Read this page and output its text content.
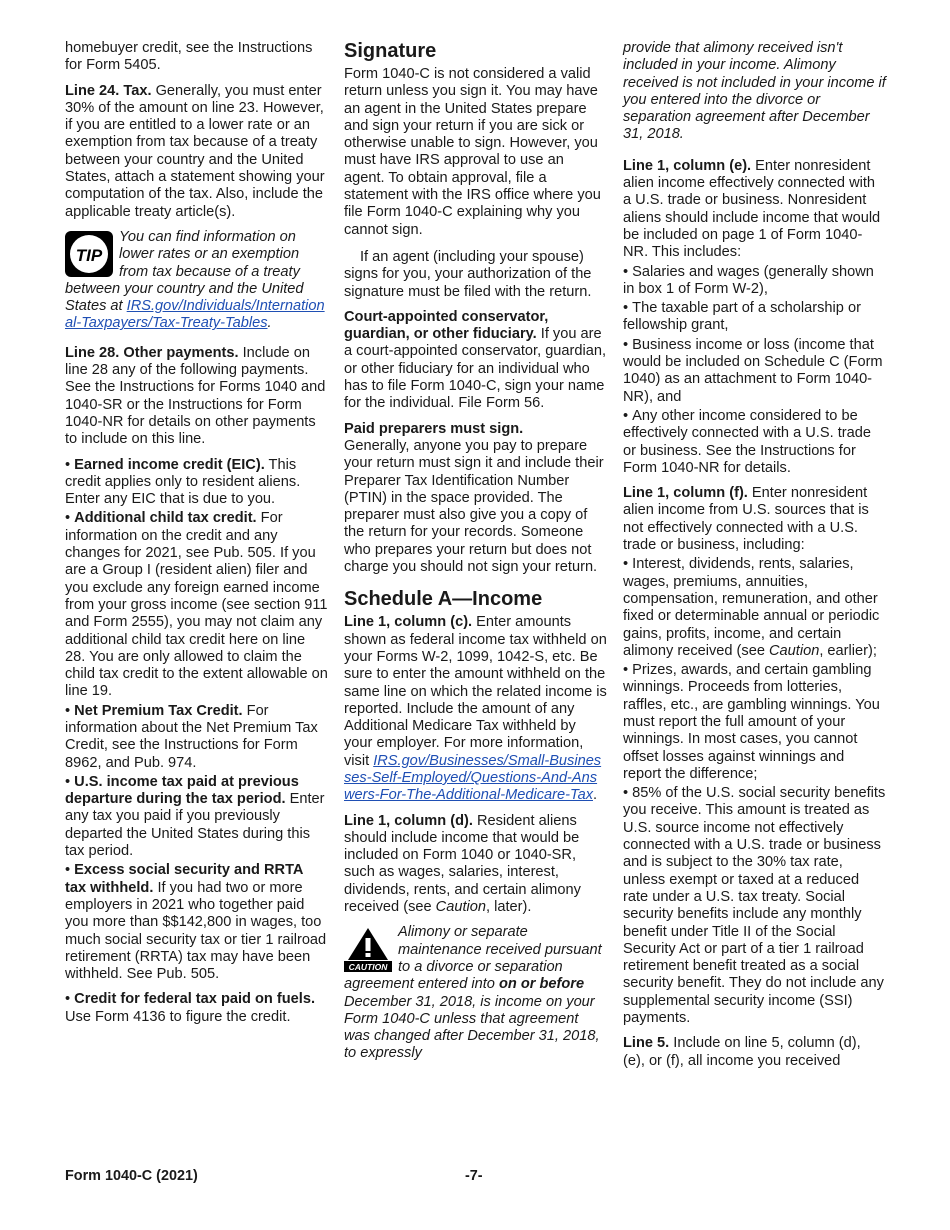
homebuyer credit, see the Instructions for Form 5405.

Line 24. Tax. Generally, you must enter 30% of the amount on line 23. However, if you are entitled to a lower rate or an exemption from tax because of a treaty between your country and the United States, attach a statement showing your computation of the tax. Also, include the applicable treaty article(s).

TIP
You can find information on lower rates or an exemption from tax because of a treaty between your country and the United States at IRS.gov/Individuals/International-Taxpayers/Tax-Treaty-Tables.

Line 28. Other payments. Include on line 28 any of the following payments. See the Instructions for Forms 1040 and 1040-SR or the Instructions for Form 1040-NR for details on other payments to include on this line.

• Earned income credit (EIC). This credit applies only to resident aliens. Enter any EIC that is due to you.

• Additional child tax credit. For information on the credit and any changes for 2021, see Pub. 505. If you are a Group I (resident alien) filer and you exclude any foreign earned income from your gross income (see section 911 and Form 2555), you may not claim any additional child tax credit here on line 28. You are only allowed to claim the child tax credit to the extent allowable on line 19.

• Net Premium Tax Credit. For information about the Net Premium Tax Credit, see the Instructions for Form 8962, and Pub. 974.

• U.S. income tax paid at previous departure during the tax period. Enter any tax you paid if you previously departed the United States during this tax period.

• Excess social security and RRTA tax withheld. If you had two or more employers in 2021 who together paid you more than $$142,800 in wages, too much social security tax or tier 1 railroad retirement (RRTA) tax may have been withheld. See Pub. 505.

• Credit for federal tax paid on fuels. Use Form 4136 to figure the credit.

Signature

Form 1040-C is not considered a valid return unless you sign it. You may have an agent in the United States prepare and sign your return if you are sick or otherwise unable to sign. However, you must have IRS approval to use an agent. To obtain approval, file a statement with the IRS office where you file Form 1040-C explaining why you cannot sign.

If an agent (including your spouse) signs for you, your authorization of the signature must be filed with the return.

Court-appointed conservator, guardian, or other fiduciary. If you are a court-appointed conservator, guardian, or other fiduciary for an individual who has to file Form 1040-C, sign your name for the individual. File Form 56.

Paid preparers must sign.

Generally, anyone you pay to prepare your return must sign it and include their Preparer Tax Identification Number (PTIN) in the space provided. The preparer must also give you a copy of the return for your records. Someone who prepares your return but does not charge you should not sign your return.

Schedule A—Income

Line 1, column (c). Enter amounts shown as federal income tax withheld on your Forms W-2, 1099, 1042-S, etc. Be sure to enter the amount withheld on the same line on which the related income is reported. Include the amount of any Additional Medicare Tax withheld by your employer. For more information, visit IRS.gov/Businesses/Small-Businesses-Self-Employed/Questions-And-Answers-For-The-Additional-Medicare-Tax.

Line 1, column (d). Resident aliens should include income that would be included on Form 1040 or 1040-SR, such as wages, salaries, interest, dividends, rents, and certain alimony received (see Caution, later).

CAUTION
Alimony or separate maintenance received pursuant to a divorce or separation agreement entered into on or before December 31, 2018, is income on your Form 1040-C unless that agreement was changed after December 31, 2018, to expressly

provide that alimony received isn't included in your income. Alimony received is not included in your income if you entered into the divorce or separation agreement after December 31, 2018.

Line 1, column (e). Enter nonresident alien income effectively connected with a U.S. trade or business. Nonresident aliens should include income that would be included on page 1 of Form 1040-NR. This includes:

• Salaries and wages (generally shown in box 1 of Form W-2),

• The taxable part of a scholarship or fellowship grant,

• Business income or loss (income that would be included on Schedule C (Form 1040) as an attachment to Form 1040-NR), and

• Any other income considered to be effectively connected with a U.S. trade or business. See the Instructions for Form 1040-NR for details.

Line 1, column (f). Enter nonresident alien income from U.S. sources that is not effectively connected with a U.S. trade or business, including:

• Interest, dividends, rents, salaries, wages, premiums, annuities, compensation, remuneration, and other fixed or determinable annual or periodic gains, profits, income, and certain alimony received (see Caution, earlier);

• Prizes, awards, and certain gambling winnings. Proceeds from lotteries, raffles, etc., are gambling winnings. You must report the full amount of your winnings. In most cases, you cannot offset losses against winnings and report the difference;

• 85% of the U.S. social security benefits you receive. This amount is treated as U.S. source income not effectively connected with a U.S. trade or business and is subject to the 30% tax rate, unless exempt or taxed at a reduced rate under a U.S. tax treaty. Social security benefits include any monthly benefit under Title II of the Social Security Act or part of a tier 1 railroad retirement benefit treated as a social security benefit. They do not include any supplemental security income (SSI) payments.

Line 5. Include on line 5, column (d), (e), or (f), all income you received

Form 1040-C (2021)	-7-
